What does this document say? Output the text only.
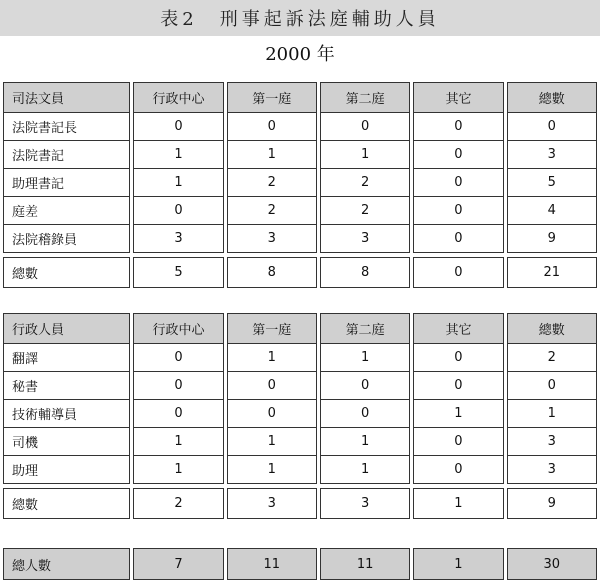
表2　刑事起訴法庭輔助人員
2000 年
司法文員	行政中心	第一庭	第二庭	其它	總數
法院書記長	0	0	0	0	0
法院書記	1	1	1	0	3
助理書記	1	2	2	0	5
庭差	0	2	2	0	4
法院稽錄員	3	3	3	0	9

總數	5	8	8	0	21
行政人員	行政中心	第一庭	第二庭	其它	總數
翻譯	0	1	1	0	2
秘書	0	0	0	0	0
技術輔導員	0	0	0	1	1
司機	1	1	1	0	3
助理	1	1	1	0	3

總數	2	3	3	1	9
總人數	7	11	11	1	30
